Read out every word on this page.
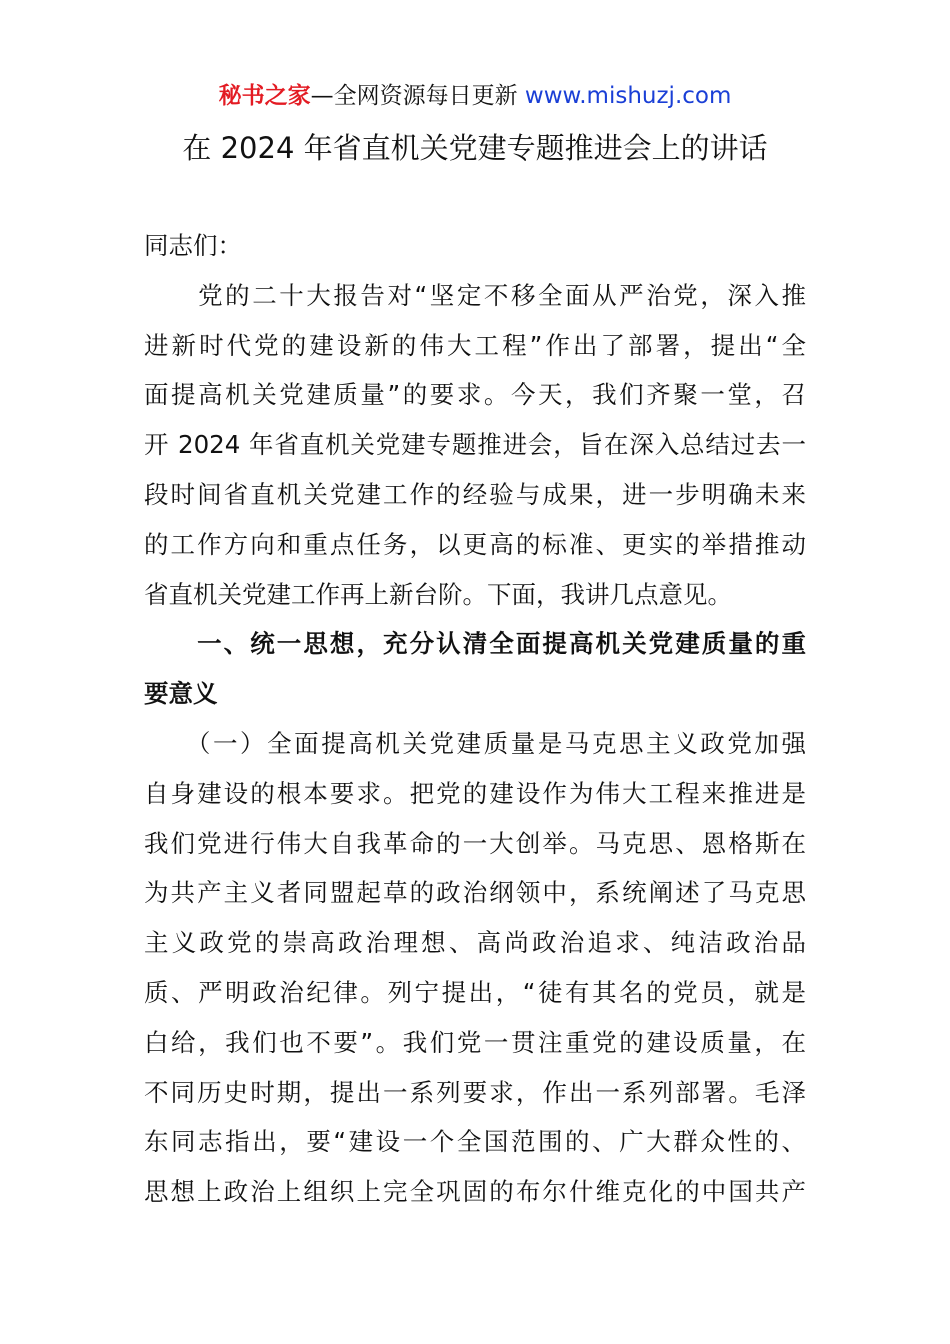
秘书之家—全网资源每日更新 www.mishuzj.com
在 2024 年省直机关党建专题推进会上的讲话
同志们：
　　党的二十大报告对“坚定不移全面从严治党，深入推
进新时代党的建设新的伟大工程”作出了部署，提出“全
面提高机关党建质量”的要求。今天，我们齐聚一堂，召
开 2024 年省直机关党建专题推进会，旨在深入总结过去一
段时间省直机关党建工作的经验与成果，进一步明确未来
的工作方向和重点任务，以更高的标准、更实的举措推动
省直机关党建工作再上新台阶。下面，我讲几点意见。
　　一、统一思想，充分认清全面提高机关党建质量的重
要意义
　　（一）全面提高机关党建质量是马克思主义政党加强
自身建设的根本要求。把党的建设作为伟大工程来推进是
我们党进行伟大自我革命的一大创举。马克思、恩格斯在
为共产主义者同盟起草的政治纲领中，系统阐述了马克思
主义政党的崇高政治理想、高尚政治追求、纯洁政治品
质、严明政治纪律。列宁提出，“徒有其名的党员，就是
白给，我们也不要”。我们党一贯注重党的建设质量，在
不同历史时期，提出一系列要求，作出一系列部署。毛泽
东同志指出，要“建设一个全国范围的、广大群众性的、
思想上政治上组织上完全巩固的布尔什维克化的中国共产
